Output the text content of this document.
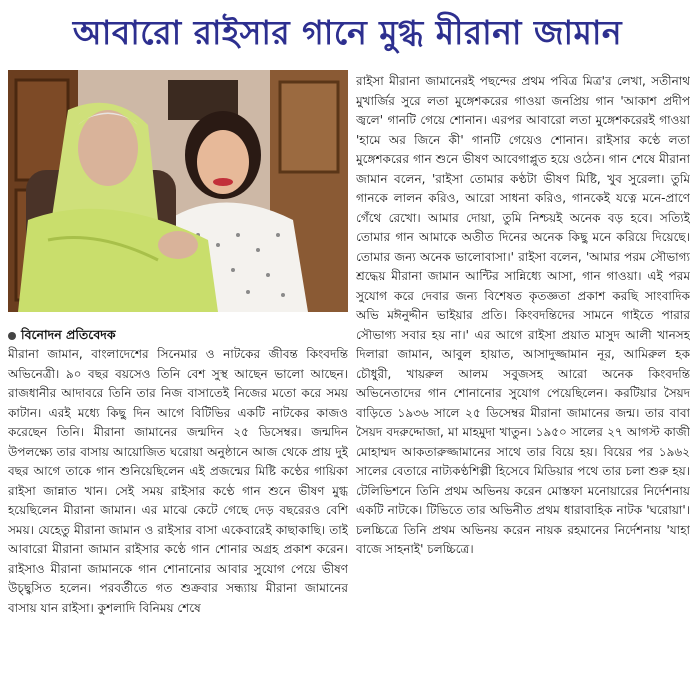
আবারো রাইসার গানে মুগ্ধ মীরানা জামান
বিনোদন প্রতিবেদক

মীরানা জামান, বাংলাদেশের সিনেমার ও নাটকের জীবন্ত কিংবদন্তি অভিনেত্রী। ৯০ বছর বয়সেও তিনি বেশ সুস্থ আছেন ভালো আছেন। রাজধানীর আদাবরে তিনি তার নিজ বাসাতেই নিজের মতো করে সময় কাটান। এরই মধ্যে কিছু দিন আগে বিটিভির একটি নাটকের কাজও করেছেন তিনি। মীরানা জামানের জন্মদিন ২৫ ডিসেম্বর। জন্মদিন উপলক্ষ্যে তার বাসায় আয়োজিত ঘরোয়া অনুষ্ঠানে আজ থেকে প্রায় দুই বছর আগে তাকে গান শুনিয়েছিলেন এই প্রজন্মের মিষ্টি কণ্ঠের গায়িকা রাইসা জান্নাত খান। সেই সময় রাইসার কণ্ঠে গান শুনে ভীষণ মুগ্ধ হয়েছিলেন মীরানা জামান। এর মাঝে কেটে গেছে দেড় বছরেরও বেশি সময়। যেহেতু মীরানা জামান ও রাইসার বাসা একেবারেই কাছাকাছি। তাই আবারো মীরানা জামান রাইসার কণ্ঠে গান শোনার অগ্রহ প্রকাশ করেন। রাইসাও মীরানা জামানকে গান শোনানোর আবার সুযোগ পেয়ে ভীষণ উচ্ছ্বসিত হলেন। পরবর্তীতে গত শুক্রবার সন্ধ্যায় মীরানা জামানের বাসায় যান রাইসা। কুশলাদি বিনিময় শেষে

রাইসা মীরানা জামানেরই পছন্দের প্রথম পবিত্র মিত্র'র লেখা, সতীনাথ মুখার্জির সুরে লতা মুঙ্গেশকরের গাওয়া জনপ্রিয় গান 'আকাশ প্রদীপ জ্বলে' গানটি গেয়ে শোনান। এরপর আবারো লতা মুঙ্গেশকরেরই গাওয়া 'হামে অর জিনে কী' গানটি গেয়েও শোনান। রাইসার কণ্ঠে লতা মুঙ্গেশকরের গান শুনে ভীষণ আবেগাপ্লুত হয়ে ওঠেন। গান শেষে মীরানা জামান বলেন, 'রাইসা তোমার কণ্ঠটা ভীষণ মিষ্টি, খুব সুরেলা। তুমি গানকে লালন করিও, আরো সাধনা করিও, গানকেই যত্নে মনে-প্রাণে গেঁথে রেখো। আমার দোয়া, তুমি নিশ্চয়ই অনেক বড় হবে। সত্যিই তোমার গান আমাকে অতীত দিনের অনেক কিছু মনে করিয়ে দিয়েছে। তোমার জন্য অনেক ভালোবাসা।' রাইসা বলেন, 'আমার পরম সৌভাগ্য শ্রদ্ধেয় মীরানা জামান আন্টির সান্নিধ্যে আসা, গান গাওয়া। এই পরম সুযোগ করে দেবার জন্য বিশেষত কৃতজ্ঞতা প্রকাশ করছি সাংবাদিক অভি মঈনুদ্দীন ভাইয়ার প্রতি। কিংবদন্তিদের সামনে গাইতে পারার সৌভাগ্য সবার হয় না।' এর আগে রাইসা প্রয়াত মাসুদ আলী খানসহ দিলারা জামান, আবুল হায়াত, আসাদুজ্জামান নূর, আমিরুল হক চৌধুরী, খায়রুল আলম সবুজসহ আরো অনেক কিংবদন্তি অভিনেতাদের গান শোনানোর সুযোগ পেয়েছিলেন। করটিয়ার সৈয়দ বাড়িতে ১৯৩৬ সালে ২৫ ডিসেম্বর মীরানা জামানের জন্ম। তার বাবা সৈয়দ বদরুদ্দোজা, মা মাহমুদা খাতুন। ১৯৫০ সালের ২৭ আগস্ট কাজী মোহাম্মদ আকতারুজ্জামানের সাথে তার বিয়ে হয়। বিয়ের পর ১৯৬২ সালের বেতারে নাট্যকণ্ঠশিল্পী হিসেবে মিডিয়ার পথে তার চলা শুরু হয়। টেলিভিশনে তিনি প্রথম অভিনয় করেন মোস্তফা মনোয়ারের নির্দেশনায় একটি নাটকে। টিভিতে তার অভিনীত প্রথম ধারাবাহিক নাটক 'ঘরোয়া'। চলচ্চিত্রে তিনি প্রথম অভিনয় করেন নায়ক রহমানের নির্দেশনায় 'যাহা বাজে সাহনাই' চলচ্চিত্রে।
